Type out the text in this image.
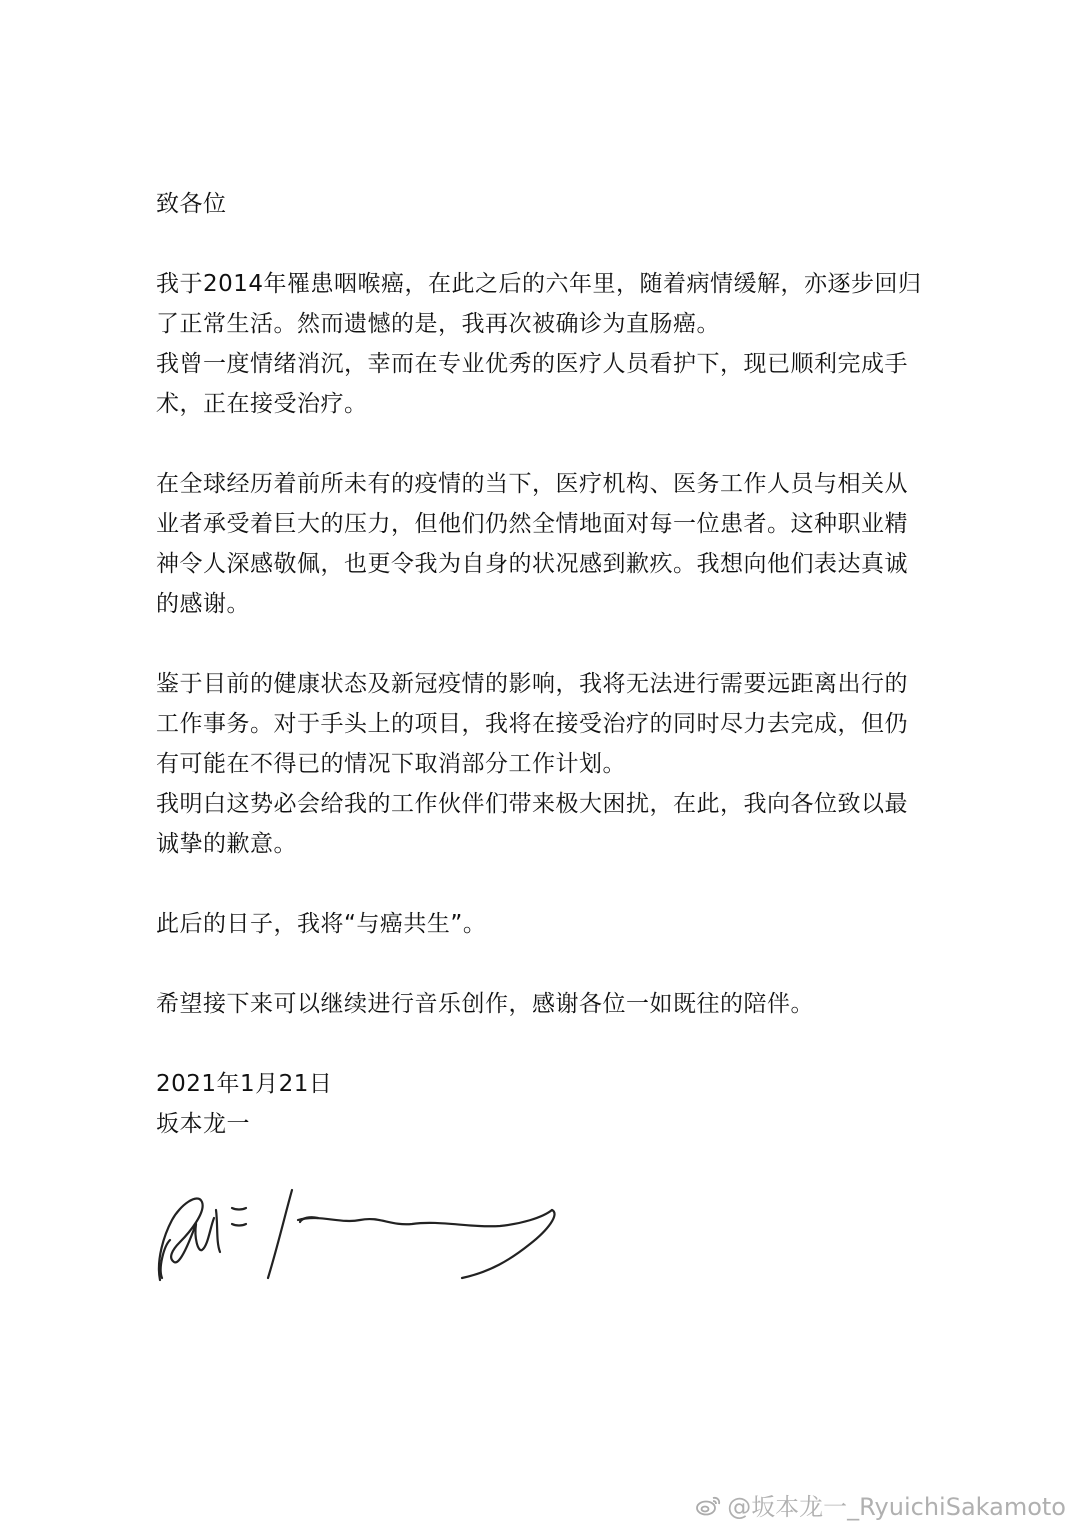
致各位
我于2014年罹患咽喉癌，在此之后的六年里，随着病情缓解，亦逐步回归
了正常生活。然而遗憾的是，我再次被确诊为直肠癌。
我曾一度情绪消沉，幸而在专业优秀的医疗人员看护下，现已顺利完成手
术，正在接受治疗。
在全球经历着前所未有的疫情的当下，医疗机构、医务工作人员与相关从
业者承受着巨大的压力，但他们仍然全情地面对每一位患者。这种职业精
神令人深感敬佩，也更令我为自身的状况感到歉疚。我想向他们表达真诚
的感谢。
鉴于目前的健康状态及新冠疫情的影响，我将无法进行需要远距离出行的
工作事务。对于手头上的项目，我将在接受治疗的同时尽力去完成，但仍
有可能在不得已的情况下取消部分工作计划。
我明白这势必会给我的工作伙伴们带来极大困扰，在此，我向各位致以最
诚挚的歉意。
此后的日子，我将“与癌共生”。
希望接下来可以继续进行音乐创作，感谢各位一如既往的陪伴。
2021年1月21日
坂本龙一
@坂本龙一_RyuichiSakamoto
